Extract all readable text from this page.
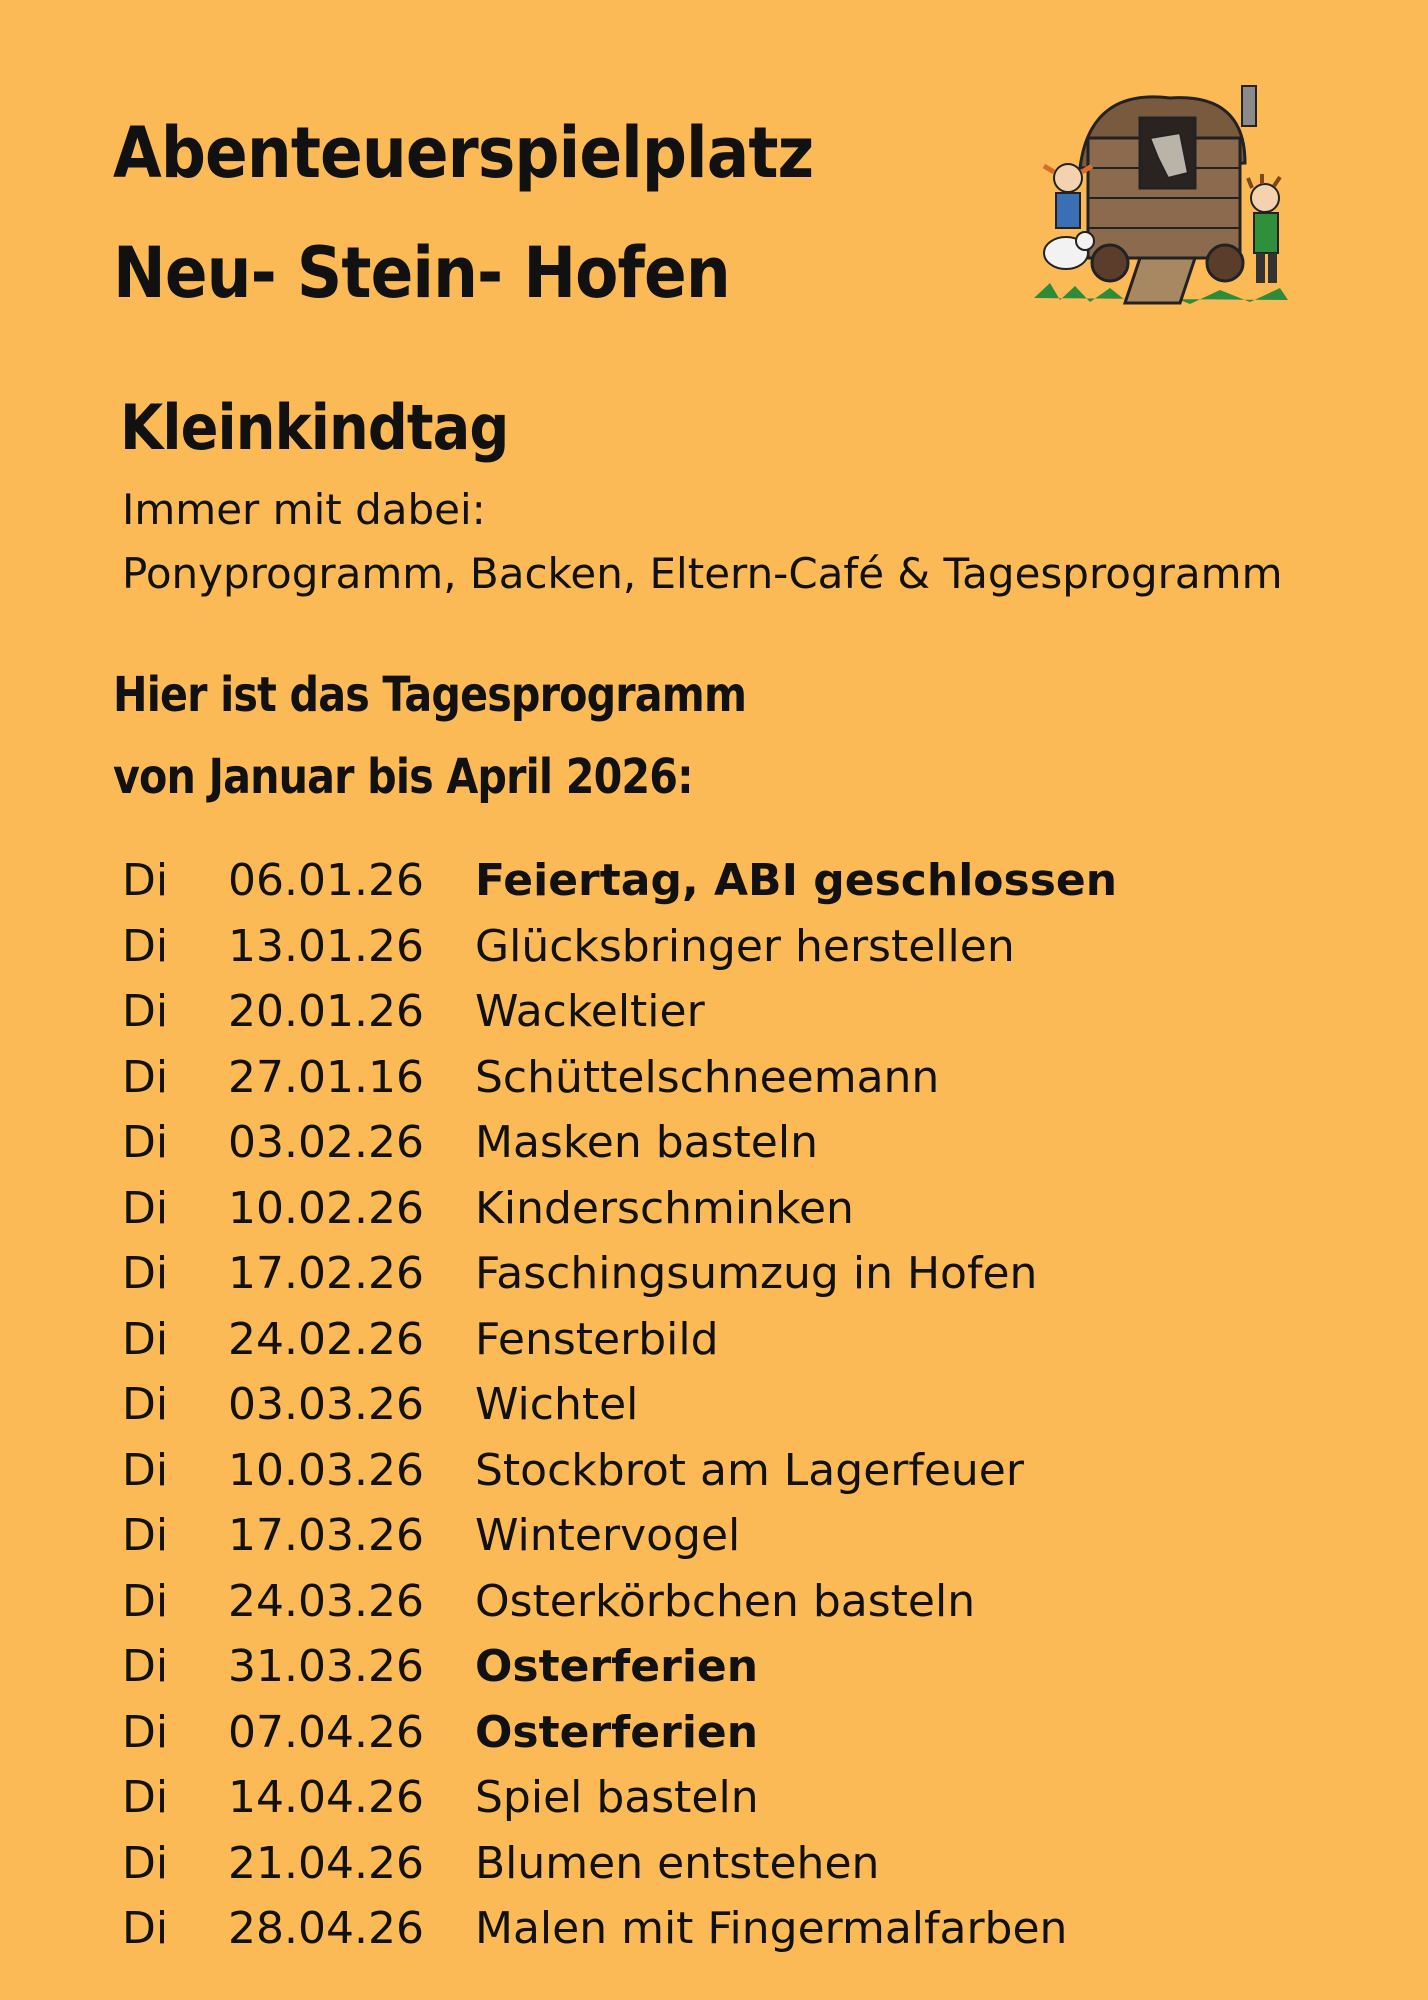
Abenteuerspielplatz
Neu- Stein- Hofen
Kleinkindtag
Immer mit dabei:
Ponyprogramm, Backen, Eltern-Café & Tagesprogramm
Hier ist das Tagesprogramm
von Januar bis April 2026:
Di 06.01.26 Feiertag, ABI geschlossen
Di 13.01.26 Glücksbringer herstellen
Di 20.01.26 Wackeltier
Di 27.01.16 Schüttelschneemann
Di 03.02.26 Masken basteln
Di 10.02.26 Kinderschminken
Di 17.02.26 Faschingsumzug in Hofen
Di 24.02.26 Fensterbild
Di 03.03.26 Wichtel
Di 10.03.26 Stockbrot am Lagerfeuer
Di 17.03.26 Wintervogel
Di 24.03.26 Osterkörbchen basteln
Di 31.03.26 Osterferien
Di 07.04.26 Osterferien
Di 14.04.26 Spiel basteln
Di 21.04.26 Blumen entstehen
Di 28.04.26 Malen mit Fingermalfarben
